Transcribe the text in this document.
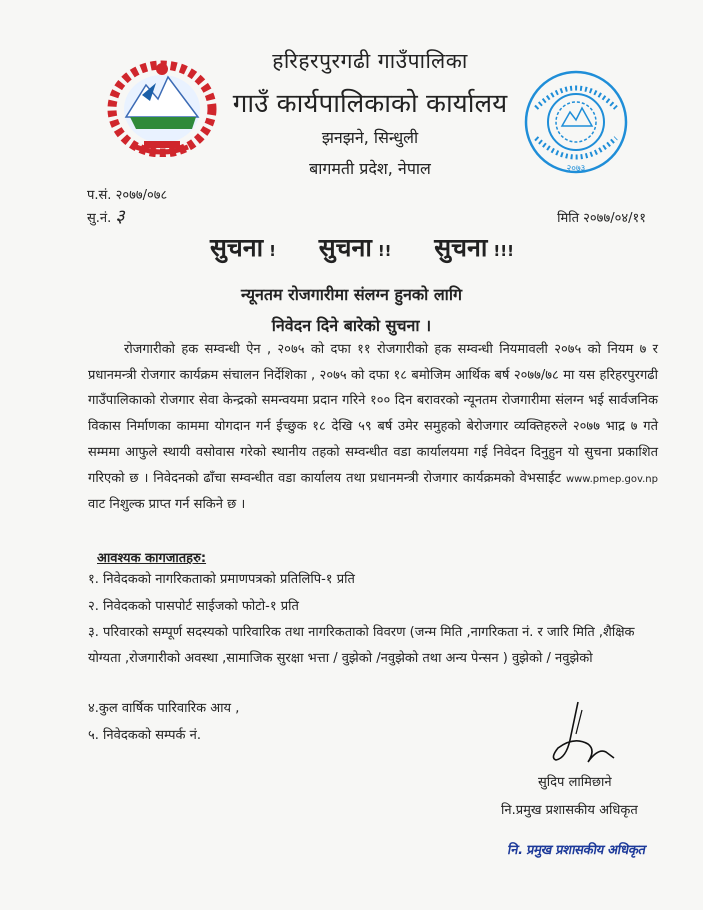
२०७३
हरिहरपुरगढी गाउँपालिका
गाउँ कार्यपालिकाको कार्यालय
झनझने, सिन्धुली
बागमती प्रदेश, नेपाल
प.सं. २०७७/०७८
सु.नं. ३	मिति २०७७/०४/११
सुचना ! सुचना !! सुचना !!!
न्यूनतम रोजगारीमा संलग्न हुनको लागि
निवेदन दिने बारेको सुचना ।
रोजगारीको हक सम्वन्धी ऐन , २०७५ को दफा ११ रोजगारीको हक सम्वन्धी नियमावली २०७५ को नियम ७ र प्रधानमन्त्री रोजगार कार्यक्रम संचालन निर्देशिका , २०७५ को दफा १८ बमोजिम आर्थिक बर्ष २०७७/७८ मा यस हरिहरपुरगढी गाउँपालिकाको रोजगार सेवा केन्द्रको समन्वयमा प्रदान गरिने १०० दिन बरावरको न्यूनतम रोजगारीमा संलग्न भई सार्वजनिक विकास निर्माणका काममा योगदान गर्न ईच्छुक १८ देखि ५९ बर्ष उमेर समुहको बेरोजगार व्यक्तिहरुले २०७७ भाद्र ७ गते सम्ममा आफुले स्थायी वसोवास गरेको स्थानीय तहको सम्वन्धीत वडा कार्यालयमा गई निवेदन दिनुहुन यो सुचना प्रकाशित गरिएको छ । निवेदनको ढाँचा सम्वन्धीत वडा कार्यालय तथा प्रधानमन्त्री रोजगार कार्यक्रमको वेभसाईट www.pmep.gov.np वाट निशुल्क प्राप्त गर्न सकिने छ ।
आवश्यक कागजातहरु:
१. निवेदकको नागरिकताको प्रमाणपत्रको प्रतिलिपि-१ प्रति
२. निवेदकको पासपोर्ट साईजको फोटो-१ प्रति
३. परिवारको सम्पूर्ण सदस्यको पारिवारिक तथा नागरिकताको विवरण (जन्म मिति ,नागरिकता नं. र जारि मिति ,शैक्षिक योग्यता ,रोजगारीको अवस्था ,सामाजिक सुरक्षा भत्ता / वुझेको /नवुझेको तथा अन्य पेन्सन ) वुझेको / नवुझेको
४.कुल वार्षिक पारिवारिक आय ,
५. निवेदकको सम्पर्क नं.
सुदिप लामिछाने
नि.प्रमुख प्रशासकीय अधिकृत
नि. प्रमुख प्रशासकीय अधिकृत
